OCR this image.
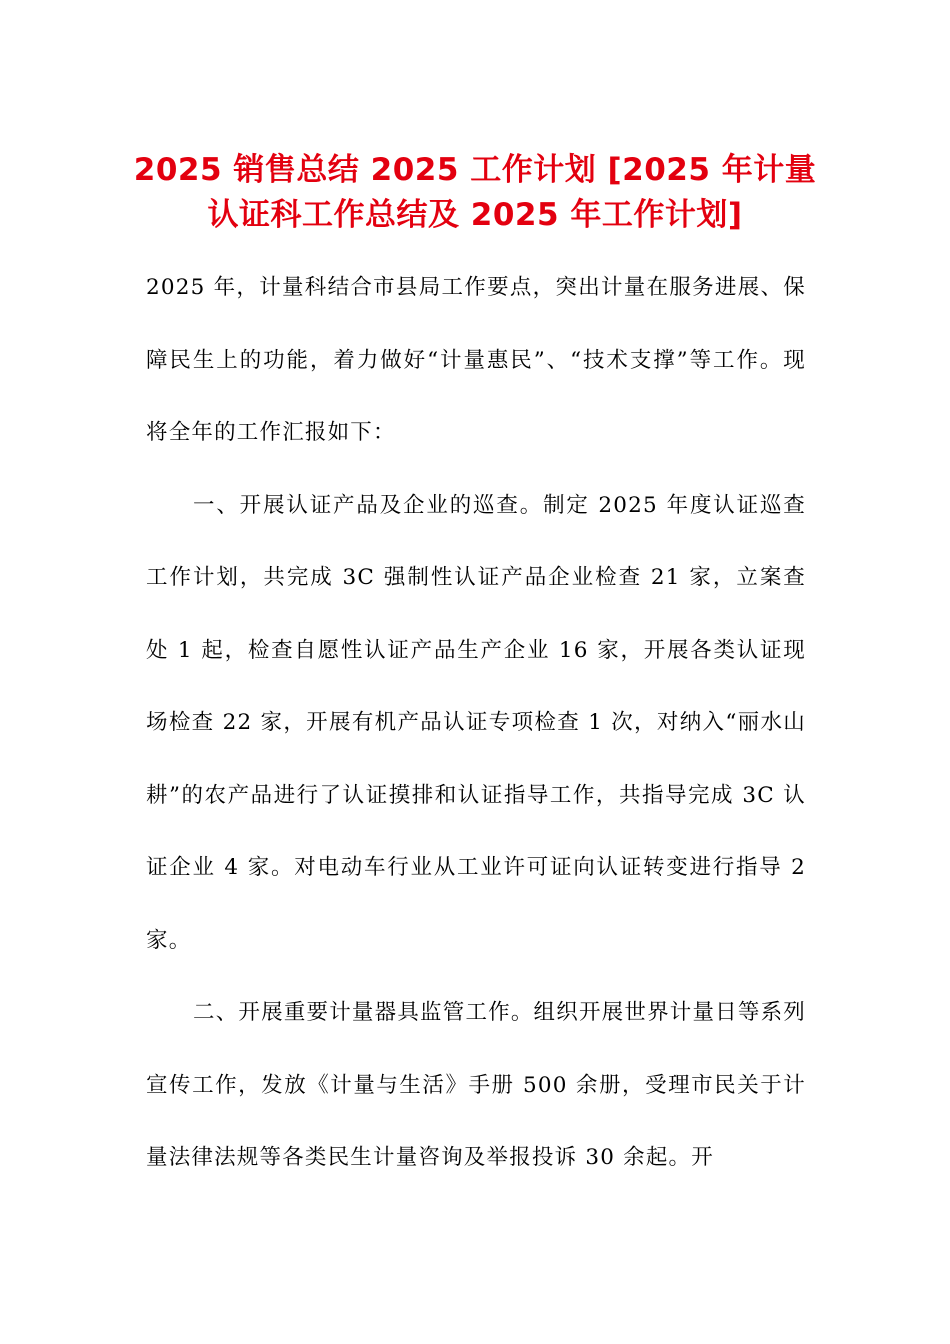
2025 销售总结 2025 工作计划 [2025 年计量认证科工作总结及 2025 年工作计划]

2025 年，计量科结合市县局工作要点，突出计量在服务进展、保障民生上的功能，着力做好“计量惠民”、“技术支撑”等工作。现将全年的工作汇报如下：

一、开展认证产品及企业的巡查。制定 2025 年度认证巡查工作计划，共完成 3C 强制性认证产品企业检查 21 家，立案查处 1 起，检查自愿性认证产品生产企业 16 家，开展各类认证现场检查 22 家，开展有机产品认证专项检查 1 次，对纳入“丽水山耕”的农产品进行了认证摸排和认证指导工作，共指导完成 3C 认证企业 4 家。对电动车行业从工业许可证向认证转变进行指导 2 家。

二、开展重要计量器具监管工作。组织开展世界计量日等系列宣传工作，发放《计量与生活》手册 500 余册，受理市民关于计量法律法规等各类民生计量咨询及举报投诉 30 余起。开
